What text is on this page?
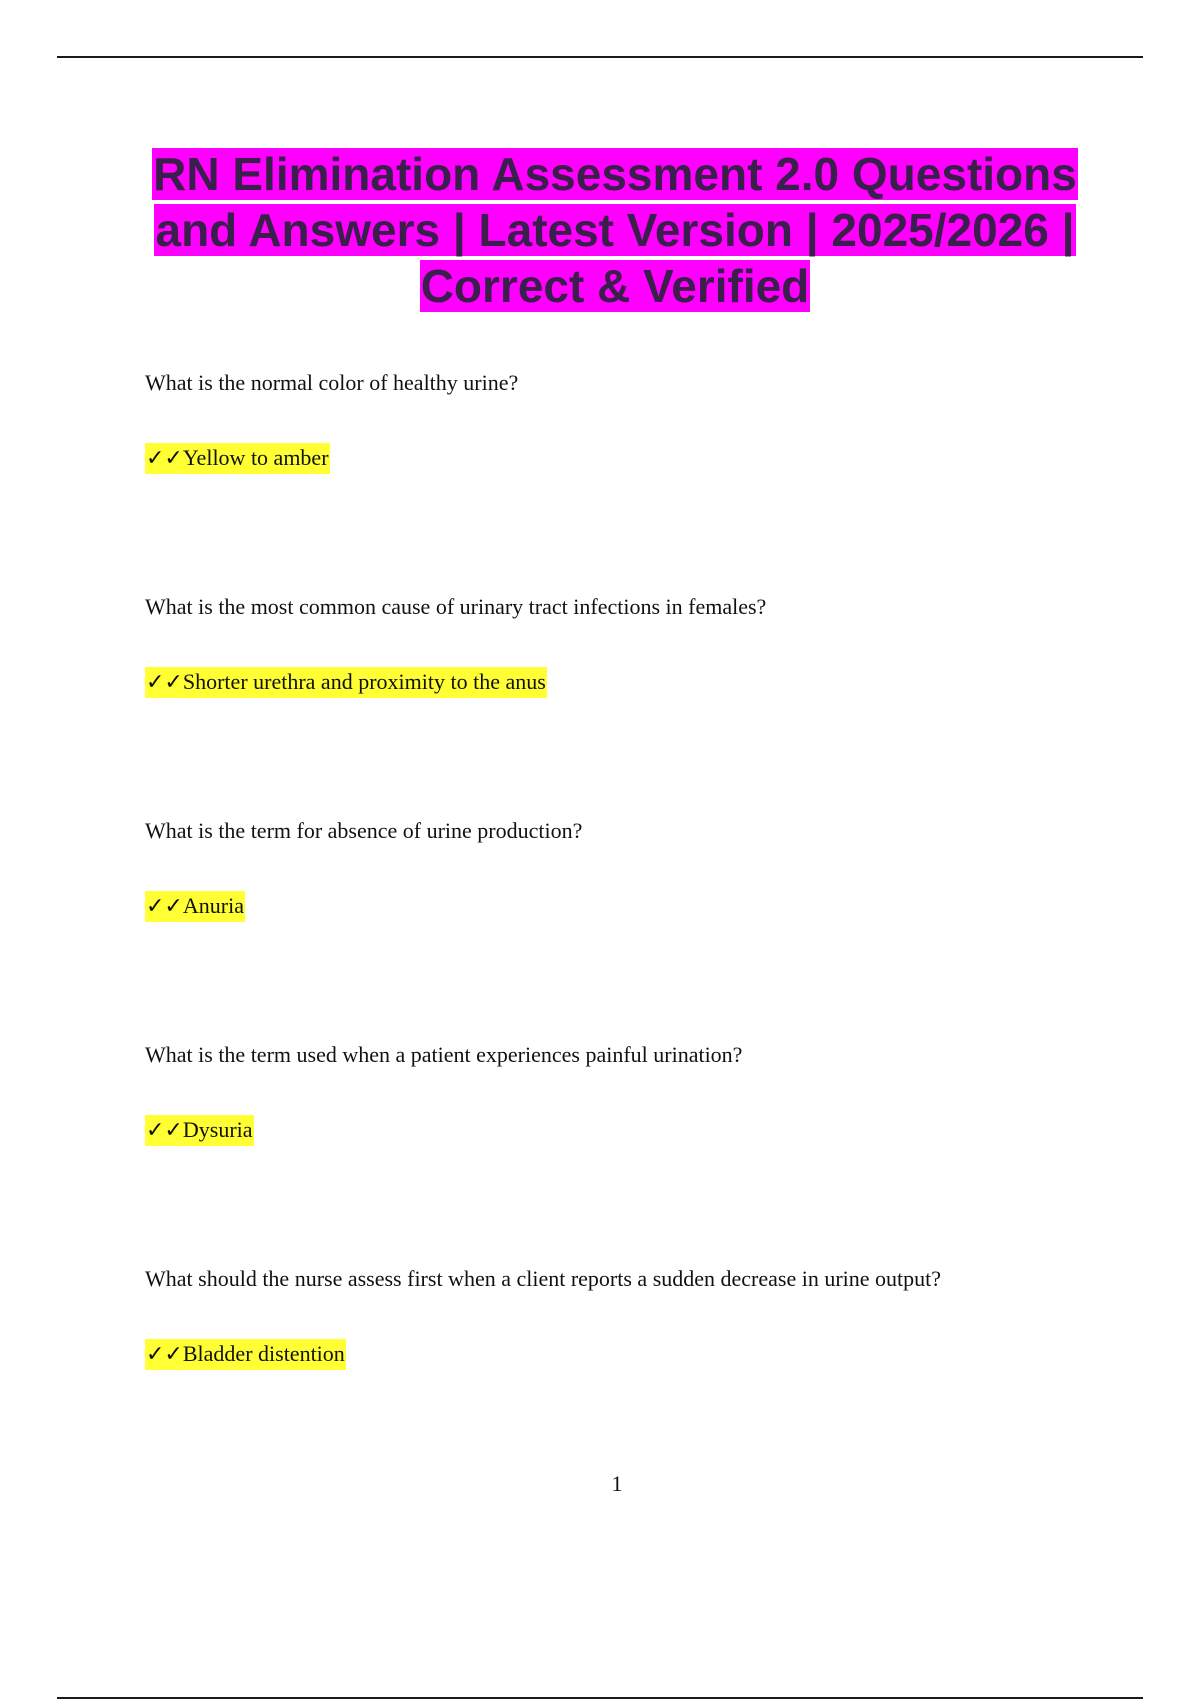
RN Elimination Assessment 2.0 Questions and Answers | Latest Version | 2025/2026 | Correct & Verified

What is the normal color of healthy urine?

✓✓Yellow to amber

What is the most common cause of urinary tract infections in females?

✓✓Shorter urethra and proximity to the anus

What is the term for absence of urine production?

✓✓Anuria

What is the term used when a patient experiences painful urination?

✓✓Dysuria

What should the nurse assess first when a client reports a sudden decrease in urine output?

✓✓Bladder distention
1
